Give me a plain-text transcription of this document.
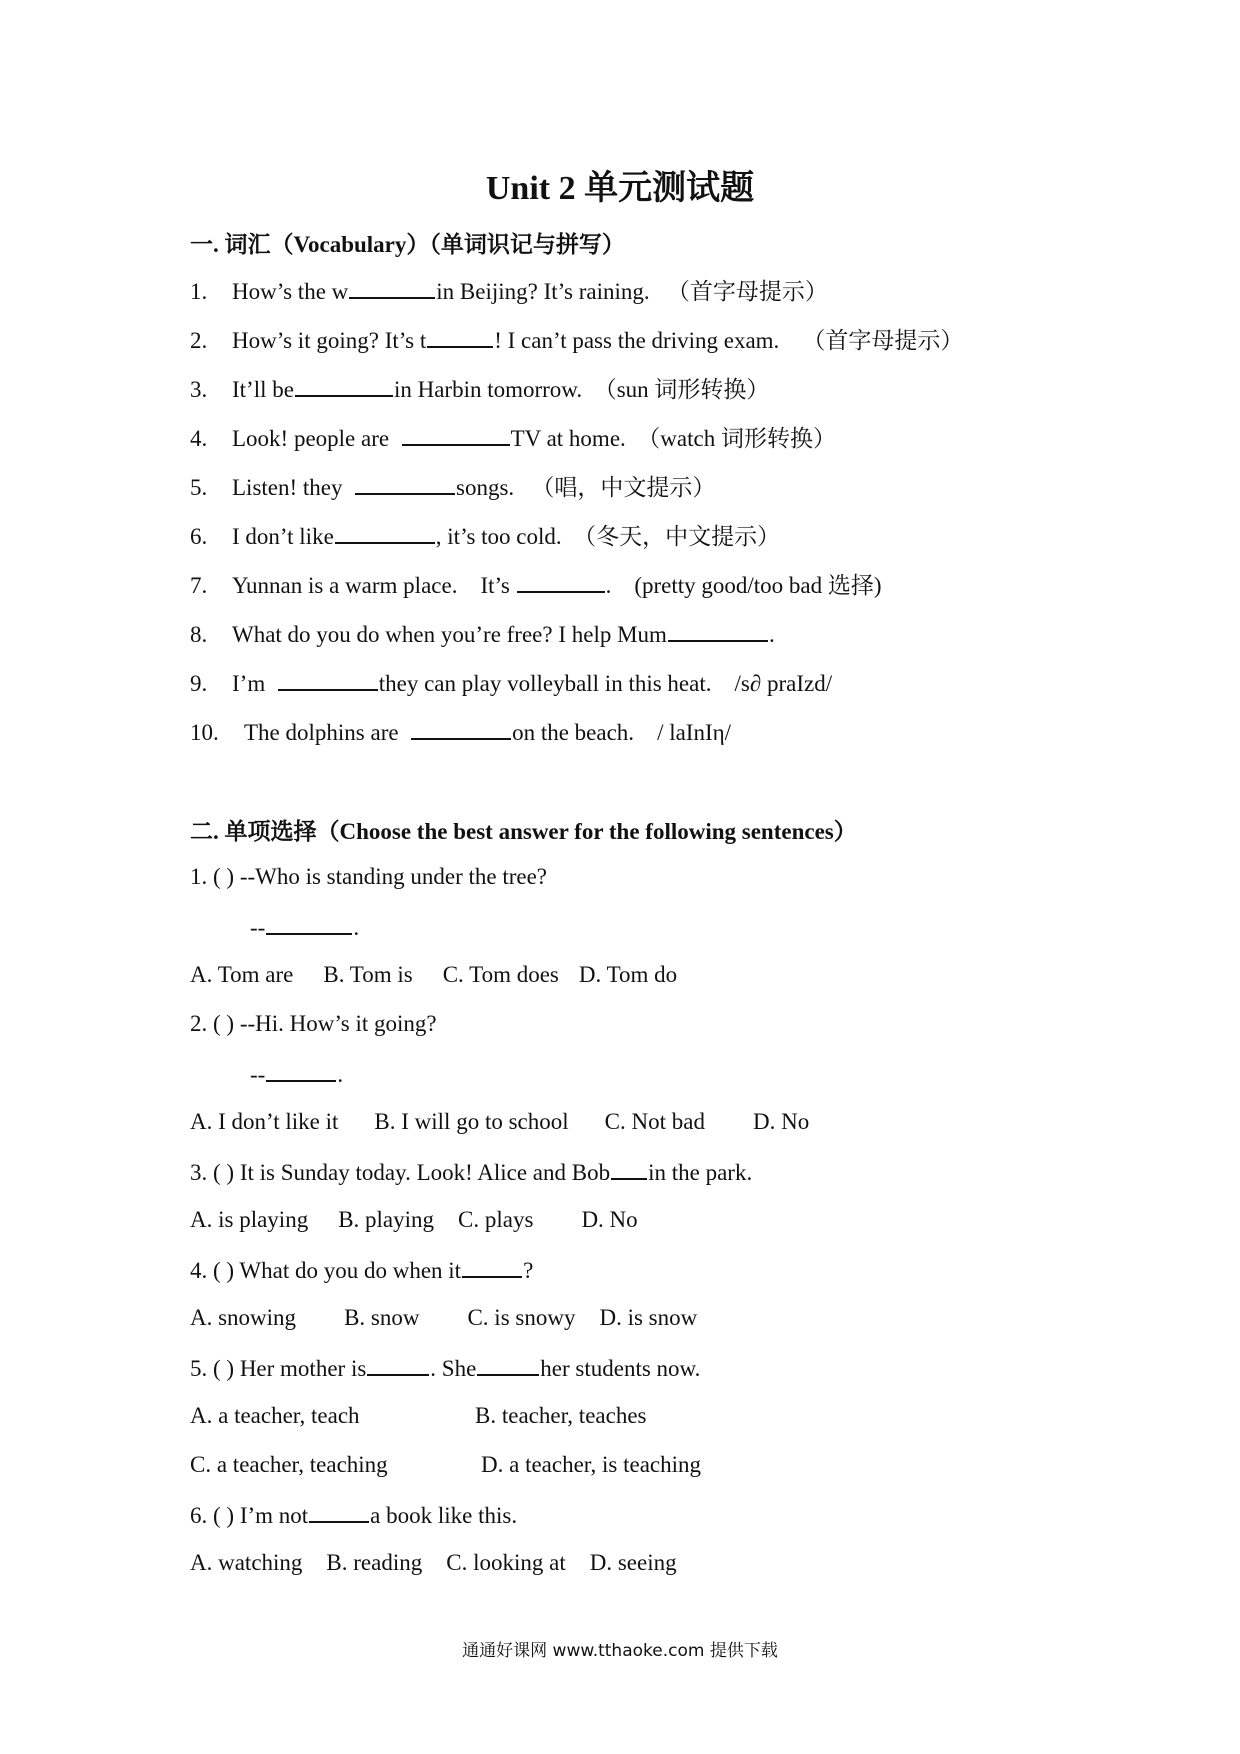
Unit 2 单元测试题
一. 词汇（Vocabulary）（单词识记与拼写）
1. How’s the w	in Beijing? It’s raining. （首字母提示）
2. How’s it going? It’s t	! I can’t pass the driving exam. （首字母提示）
3. It’ll be	in Harbin tomorrow. （sun 词形转换）
4. Look! people are	TV at home. （watch 词形转换）
5. Listen! they	songs. （唱，中文提示）
6. I don’t like	, it’s too cold. （冬天，中文提示）
7. Yunnan is a warm place.    It’s	. (pretty good/too bad 选择)
8. What do you do when you’re free? I help Mum	.
9. I’m	they can play volleyball in this heat. /s∂ praIzd/
10. The dolphins are	on the beach. / laInIη/
二. 单项选择（Choose the best answer for the following sentences）
1. ( ) --Who is standing under the tree?
--	.
A. Tom are B. Tom is C. Tom does D. Tom do
2. ( ) --Hi. How’s it going?
--	.
A. I don’t like it B. I will go to school C. Not bad D. No
3. ( ) It is Sunday today. Look! Alice and Bob in the park.
A. is playing B. playing C. plays D. No
4. ( ) What do you do when it	?
A. snowing B. snow C. is snowy D. is snow
5. ( ) Her mother is	. She	her students now.
A. a teacher, teach	B. teacher, teaches
C. a teacher, teaching	D. a teacher, is teaching
6. ( ) I’m not	a book like this.
A. watching B. reading C. looking at D. seeing
通通好课网 www.tthaoke.com 提供下载
